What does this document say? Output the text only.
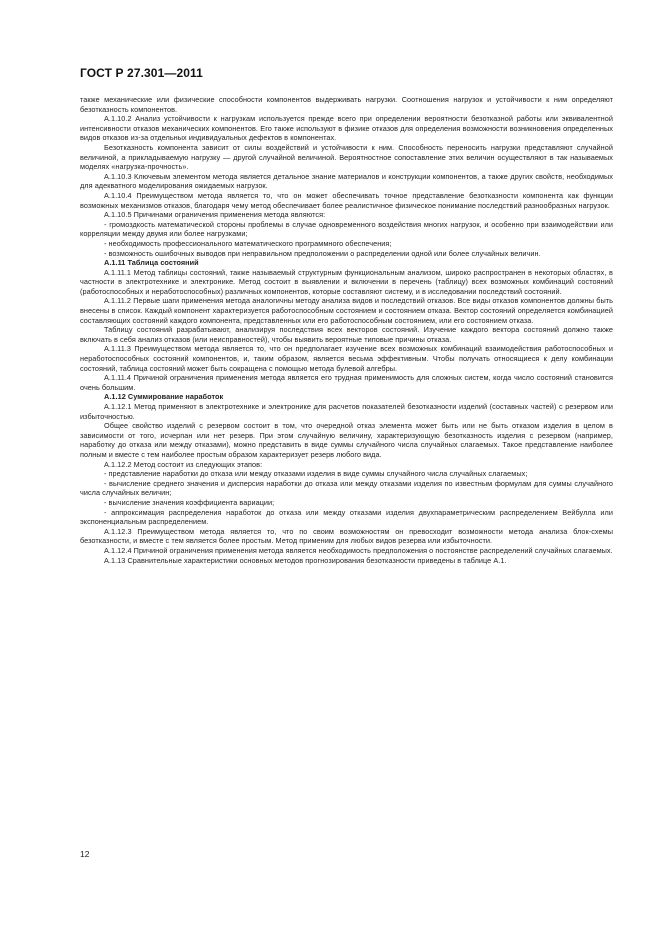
ГОСТ Р 27.301—2011

также механические или физические способности компонентов выдерживать нагрузки. Соотношения нагрузок и устойчивости к ним определяют безотказность компонентов.

А.1.10.2 Анализ устойчивости к нагрузкам используется прежде всего при определении вероятности безотказной работы или эквивалентной интенсивности отказов механических компонентов. Его также используют в физике отказов для определения возможности возникновения определенных видов отказов из-за отдельных индивидуальных дефектов в компонентах.

Безотказность компонента зависит от силы воздействий и устойчивости к ним. Способность переносить нагрузки представляют случайной величиной, а прикладываемую нагрузку — другой случайной величиной. Вероятностное сопоставление этих величин осуществляют в так называемых моделях «нагрузка-прочность».

А.1.10.3 Ключевым элементом метода является детальное знание материалов и конструкции компонентов, а также других свойств, необходимых для адекватного моделирования ожидаемых нагрузок.

А.1.10.4 Преимуществом метода является то, что он может обеспечивать точное представление безотказности компонента как функции возможных механизмов отказов, благодаря чему метод обеспечивает более реалистичное физическое понимание последствий разнообразных нагрузок.

А.1.10.5 Причинами ограничения применения метода являются:

- громоздкость математической стороны проблемы в случае одновременного воздействия многих нагрузок, и особенно при взаимодействии или корреляции между двумя или более нагрузками;

- необходимость профессионального математического программного обеспечения;

- возможность ошибочных выводов при неправильном предположении о распределении одной или более случайных величин.

А.1.11 Таблица состояний

А.1.11.1 Метод таблицы состояний, также называемый структурным функциональным анализом, широко распространен в некоторых областях, в частности в электротехнике и электронике. Метод состоит в выявлении и включении в перечень (таблицу) всех возможных комбинаций состояний (работоспособных и неработоспособных) различных компонентов, которые составляют систему, и в исследовании последствий состояний.

А.1.11.2 Первые шаги применения метода аналогичны методу анализа видов и последствий отказов. Все виды отказов компонентов должны быть внесены в список. Каждый компонент характеризуется работоспособным состоянием и состоянием отказа. Вектор состояний определяется комбинацией составляющих состояний каждого компонента, представленных или его работоспособным состоянием, или его состоянием отказа.

Таблицу состояний разрабатывают, анализируя последствия всех векторов состояний. Изучение каждого вектора состояний должно также включать в себя анализ отказов (или неисправностей), чтобы выявить вероятные типовые причины отказа.

А.1.11.3 Преимуществом метода является то, что он предполагает изучение всех возможных комбинаций взаимодействия работоспособных и неработоспособных состояний компонентов, и, таким образом, является весьма эффективным. Чтобы получать относящиеся к делу комбинации состояний, таблица состояний может быть сокращена с помощью метода булевой алгебры.

А.1.11.4 Причиной ограничения применения метода является его трудная применимость для сложных систем, когда число состояний становится очень большим.

А.1.12 Суммирование наработок

А.1.12.1 Метод применяют в электротехнике и электронике для расчетов показателей безотказности изделий (составных частей) с резервом или избыточностью.

Общее свойство изделий с резервом состоит в том, что очередной отказ элемента может быть или не быть отказом изделия в целом в зависимости от того, исчерпан или нет резерв. При этом случайную величину, характеризующую безотказность изделия с резервом (например, наработку до отказа или между отказами), можно представить в виде суммы случайного числа случайных слагаемых. Такое представление наиболее полным и вместе с тем наиболее простым образом характеризует резерв любого вида.

А.1.12.2 Метод состоит из следующих этапов:

- представление наработки до отказа или между отказами изделия в виде суммы случайного числа случайных слагаемых;

- вычисление среднего значения и дисперсия наработки до отказа или между отказами изделия по известным формулам для суммы случайного числа случайных величин;

- вычисление значения коэффициента вариации;

- аппроксимация распределения наработок до отказа или между отказами изделия двухпараметрическим распределением Вейбулла или экспоненциальным распределением.

А.1.12.3 Преимуществом метода является то, что по своим возможностям он превосходит возможности метода анализа блок-схемы безотказности, и вместе с тем является более простым. Метод применим для любых видов резерва или избыточности.

А.1.12.4 Причиной ограничения применения метода является необходимость предположения о постоянстве распределений случайных слагаемых.

А.1.13 Сравнительные характеристики основных методов прогнозирования безотказности приведены в таблице А.1.

12
